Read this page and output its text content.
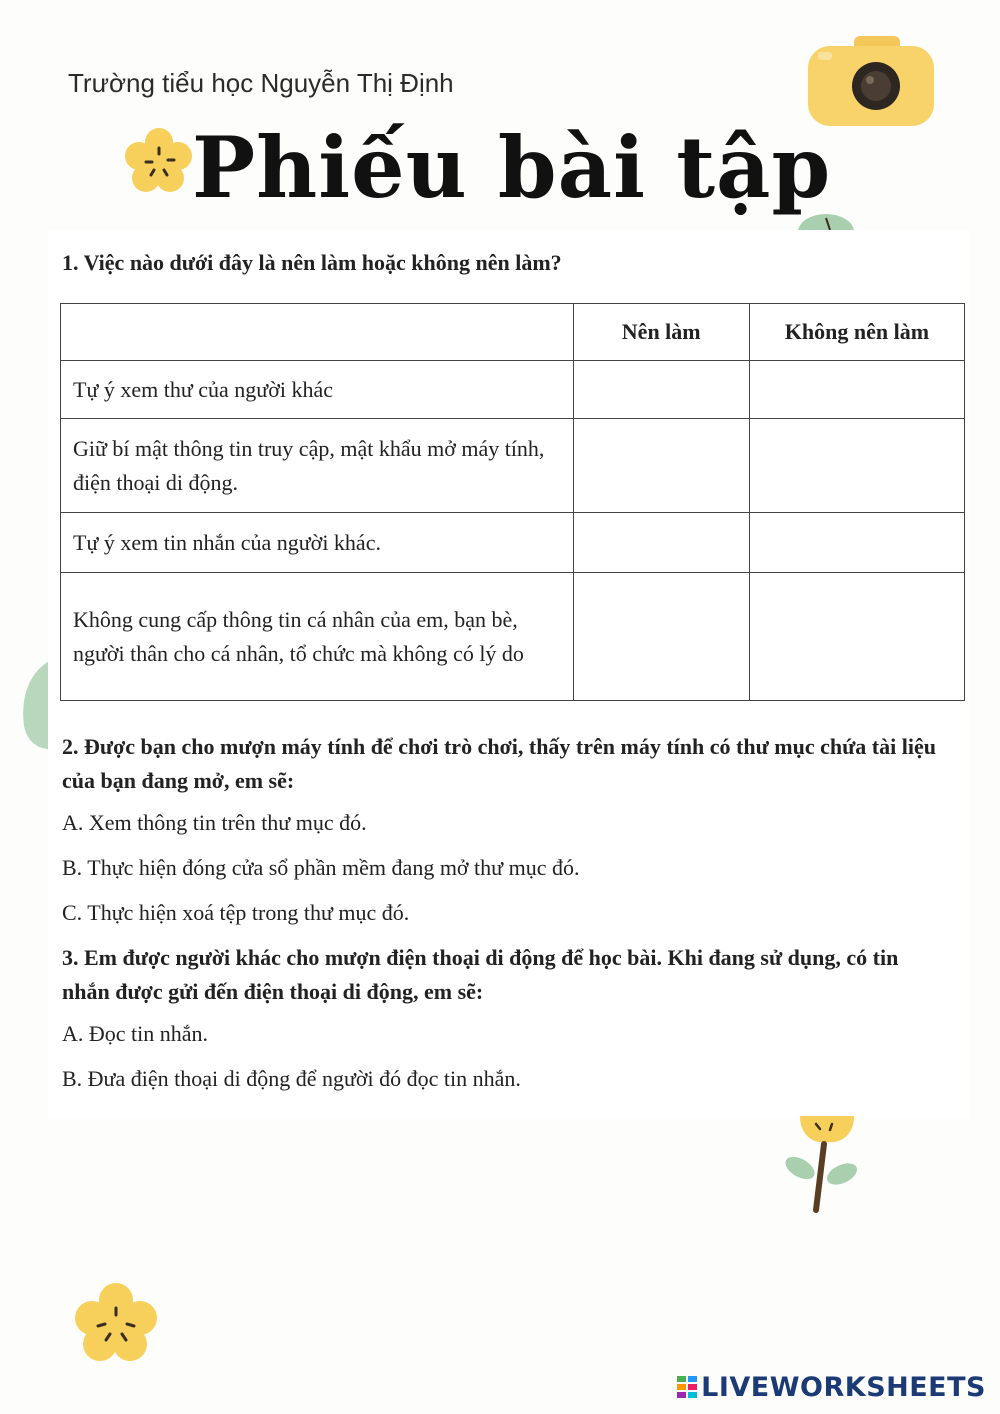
Trường tiểu học Nguyễn Thị Định
Phiếu bài tập
1. Việc nào dưới đây là nên làm hoặc không nên làm?
	Nên làm	Không nên làm
Tự ý xem thư của người khác		
Giữ bí mật thông tin truy cập, mật khẩu mở máy tính, điện thoại di động.		
Tự ý xem tin nhắn của người khác.		
Không cung cấp thông tin cá nhân của em, bạn bè, người thân cho cá nhân, tổ chức mà không có lý do		
2. Được bạn cho mượn máy tính để chơi trò chơi, thấy trên máy tính có thư mục chứa tài liệu của bạn đang mở, em sẽ:
A. Xem thông tin trên thư mục đó.
B. Thực hiện đóng cửa sổ phần mềm đang mở thư mục đó.
C. Thực hiện xoá tệp trong thư mục đó.
3. Em được người khác cho mượn điện thoại di động để học bài. Khi đang sử dụng, có tin nhắn được gửi đến điện thoại di động, em sẽ:
A. Đọc tin nhắn.
B. Đưa điện thoại di động để người đó đọc tin nhắn.
LIVEWORKSHEETS
